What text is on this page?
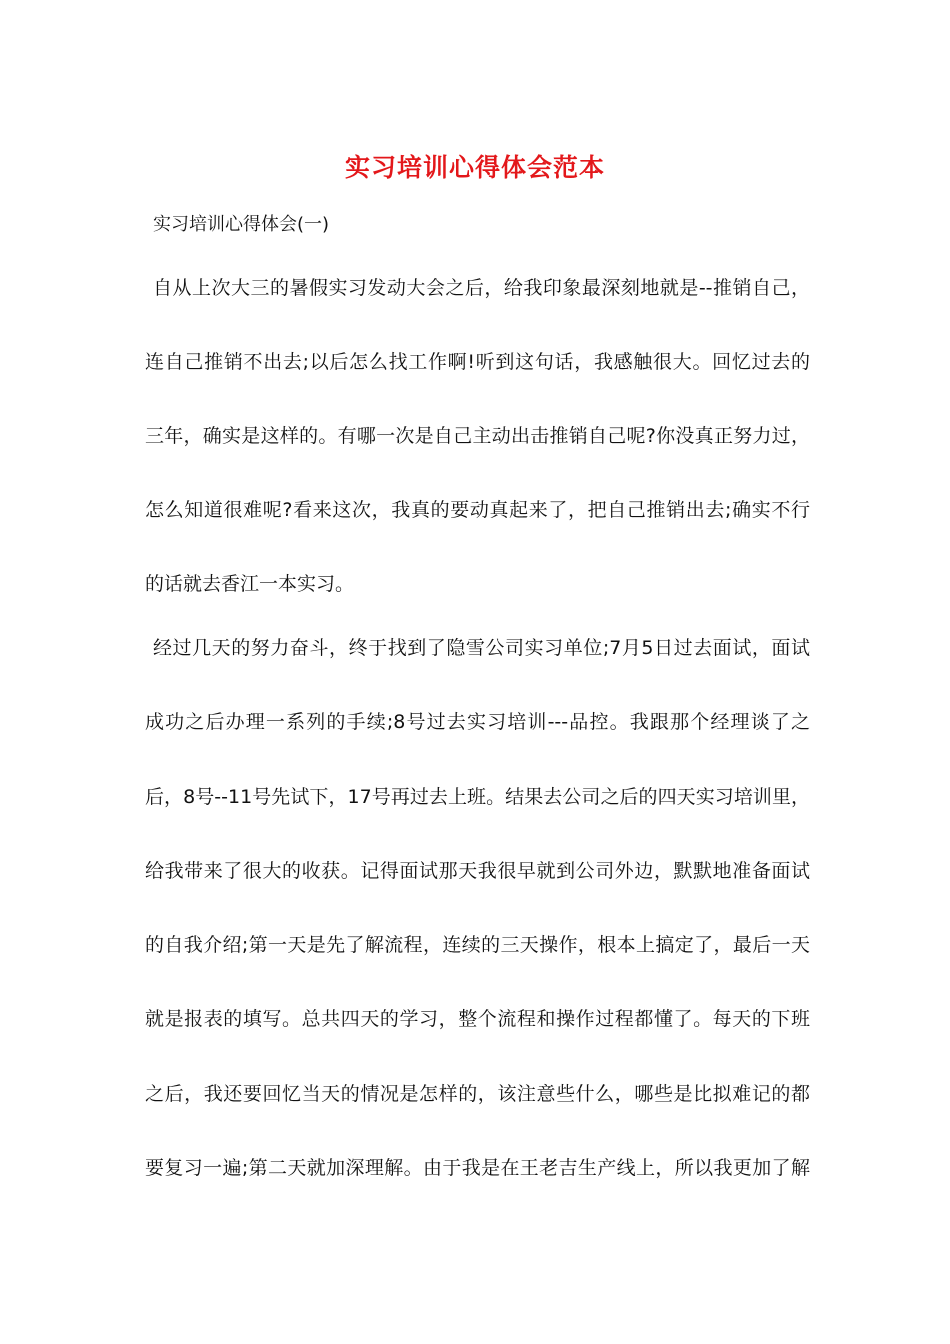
实习培训心得体会范本

实习培训心得体会(一)

自从上次大三的暑假实习发动大会之后，给我印象最深刻地就是--推销自己，

连自己推销不出去;以后怎么找工作啊!听到这句话，我感触很大。回忆过去的

三年，确实是这样的。有哪一次是自己主动出击推销自己呢?你没真正努力过，

怎么知道很难呢?看来这次，我真的要动真起来了，把自己推销出去;确实不行

的话就去香江一本实习。

经过几天的努力奋斗，终于找到了隐雪公司实习单位;7月5日过去面试，面试

成功之后办理一系列的手续;8号过去实习培训---品控。我跟那个经理谈了之

后，8号--11号先试下，17号再过去上班。结果去公司之后的四天实习培训里，

给我带来了很大的收获。记得面试那天我很早就到公司外边，默默地准备面试

的自我介绍;第一天是先了解流程，连续的三天操作，根本上搞定了，最后一天

就是报表的填写。总共四天的学习，整个流程和操作过程都懂了。每天的下班

之后，我还要回忆当天的情况是怎样的，该注意些什么，哪些是比拟难记的都

要复习一遍;第二天就加深理解。由于我是在王老吉生产线上，所以我更加了解
